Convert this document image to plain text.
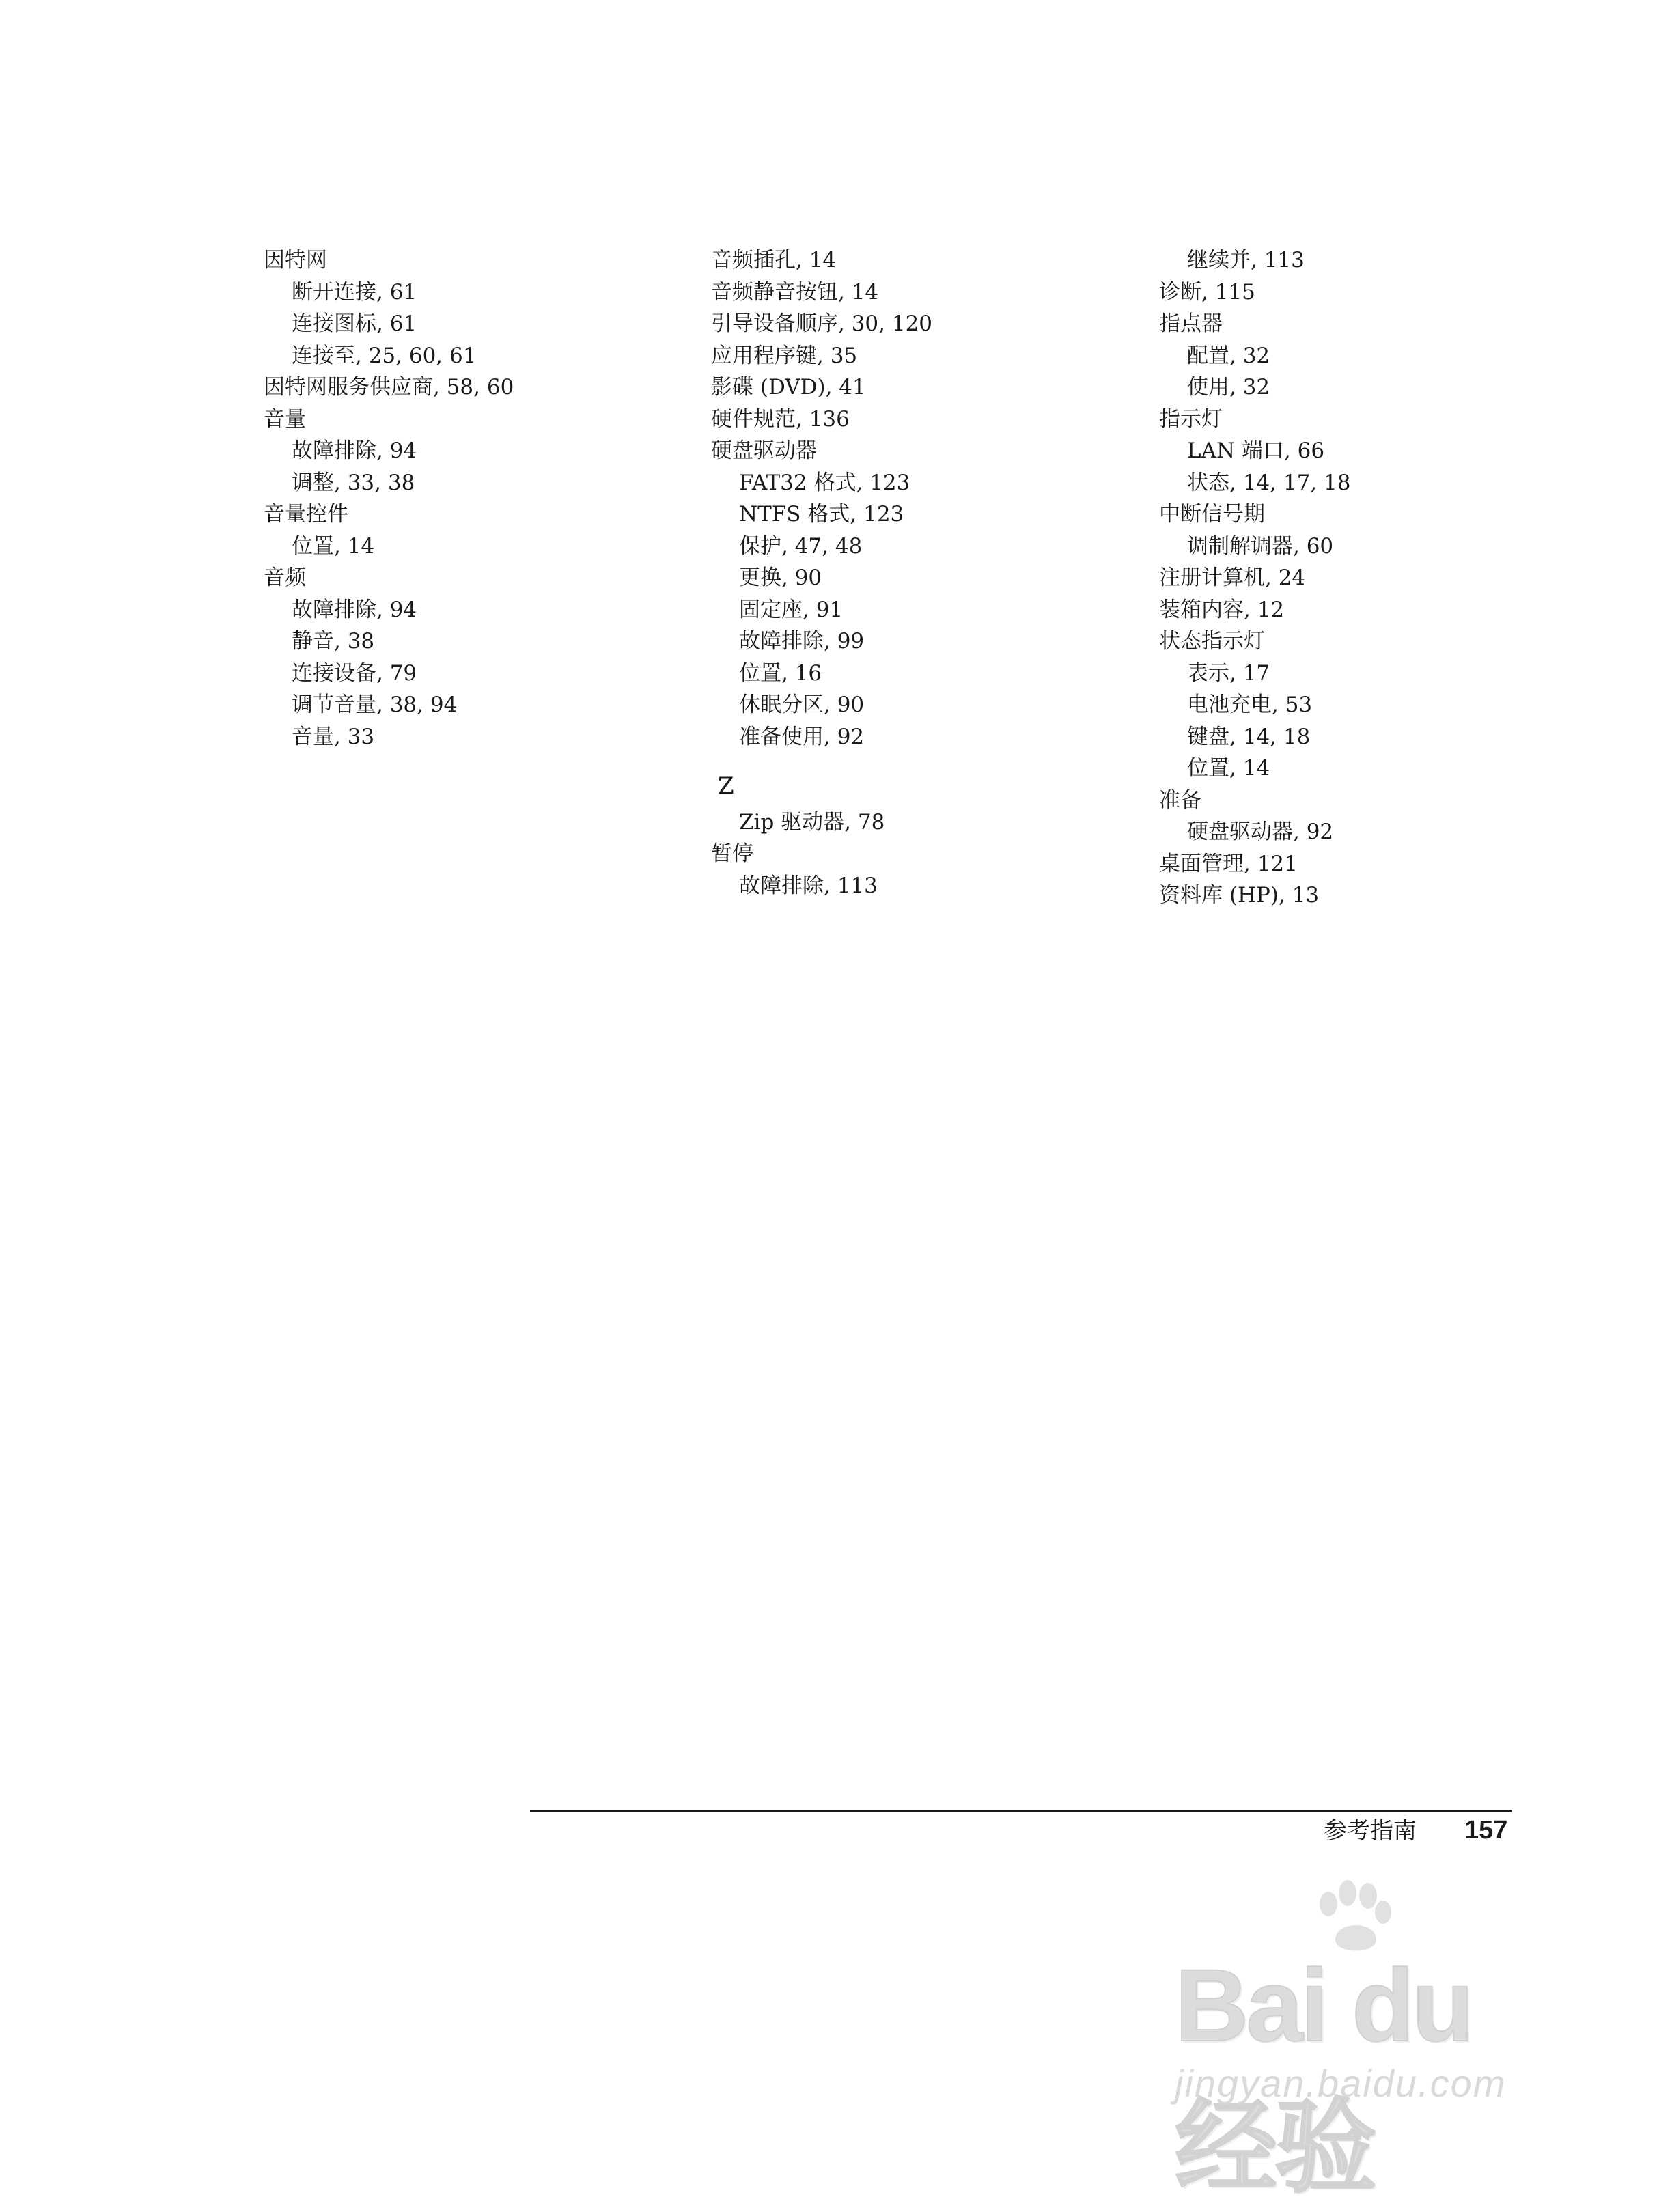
因特网
断开连接, 61
连接图标, 61
连接至, 25, 60, 61
因特网服务供应商, 58, 60
音量
故障排除, 94
调整, 33, 38
音量控件
位置, 14
音频
故障排除, 94
静音, 38
连接设备, 79
调节音量, 38, 94
音量, 33
音频插孔, 14
音频静音按钮, 14
引导设备顺序, 30, 120
应用程序键, 35
影碟 (DVD), 41
硬件规范, 136
硬盘驱动器
FAT32 格式, 123
NTFS 格式, 123
保护, 47, 48
更换, 90
固定座, 91
故障排除, 99
位置, 16
休眠分区, 90
准备使用, 92
Z
Zip 驱动器, 78
暂停
故障排除, 113
继续并, 113
诊断, 115
指点器
配置, 32
使用, 32
指示灯
LAN 端口, 66
状态, 14, 17, 18
中断信号期
调制解调器, 60
注册计算机, 24
装箱内容, 12
状态指示灯
表示, 17
电池充电, 53
键盘, 14, 18
位置, 14
准备
硬盘驱动器, 92
桌面管理, 121
资料库 (HP), 13
参考指南 157
Bai du 经验
jingyan.baidu.com
